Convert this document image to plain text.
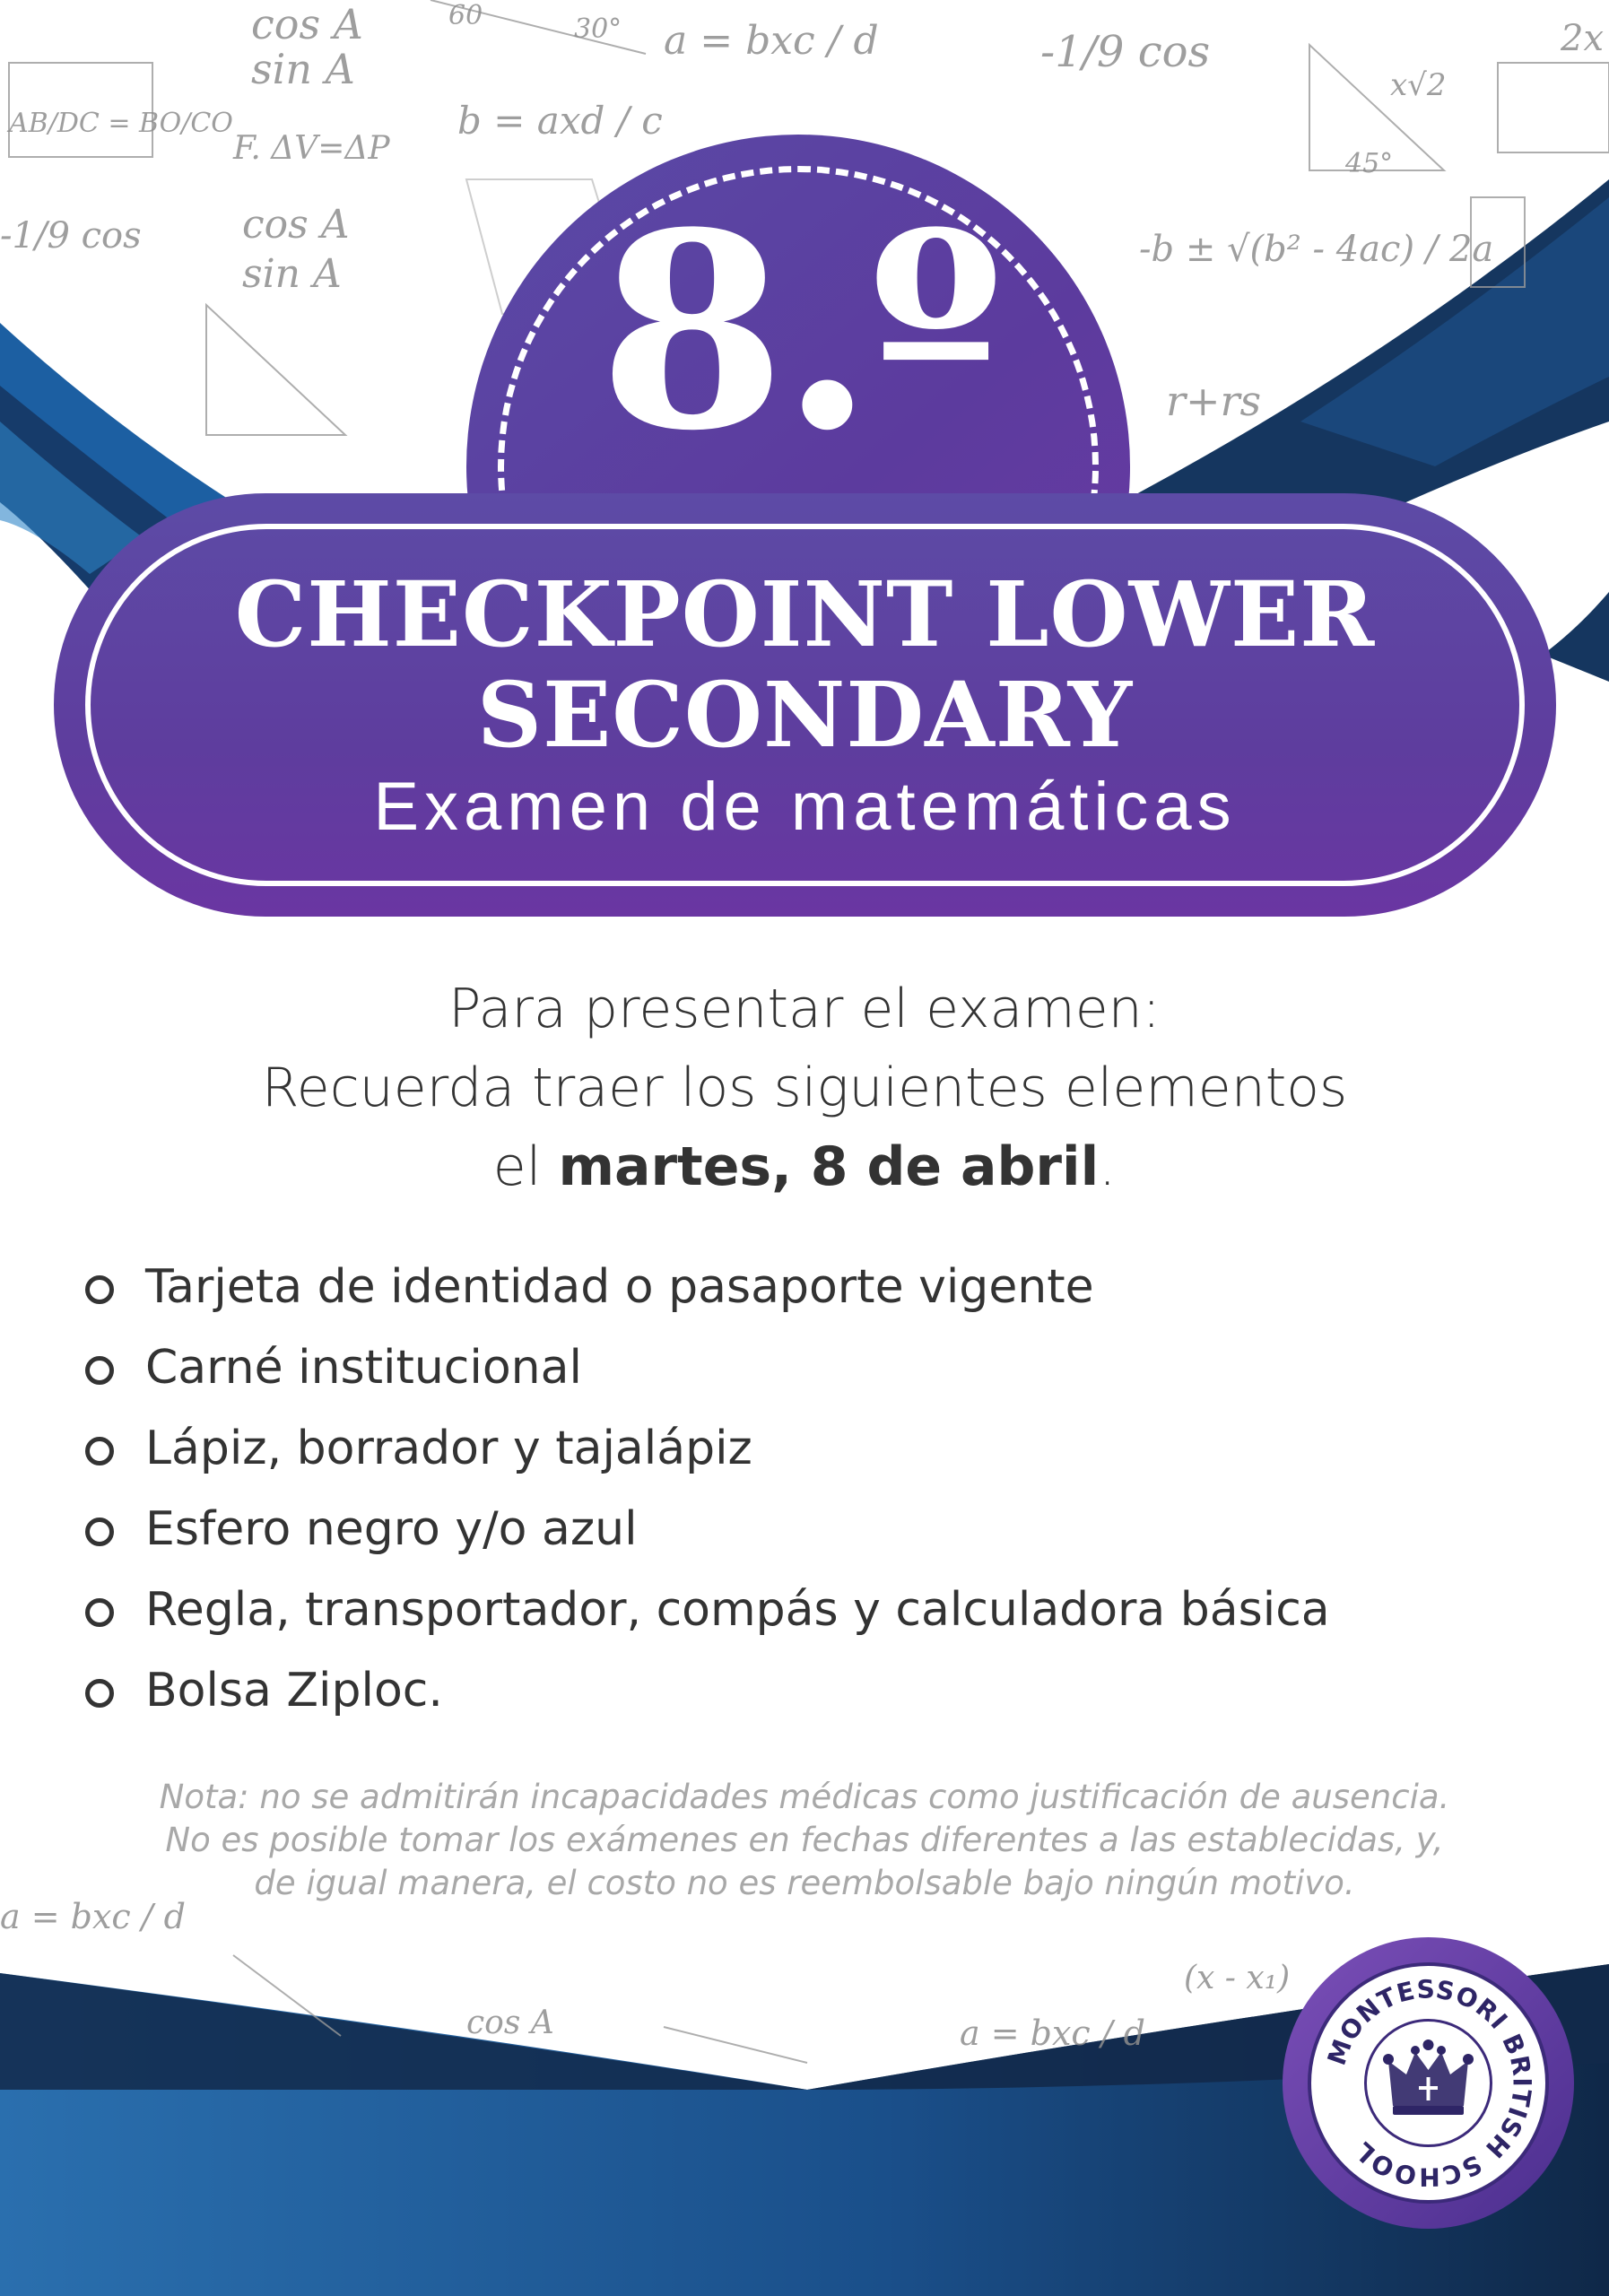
cos A
sin A
a = bxc / d
b = axd / c
-1/9 cos
F. ΔV=ΔP
AB/DC = BO/CO
45°
x√2
30°
60
-b ± √(b² - 4ac) / 2a
r+rs
2x
(x - x₁)
cos A
sin A
-1/9 cos
cos A	a = bxc / d
a = bxc / d
8.º
CHECKPOINT LOWER
SECONDARY
Examen de matemáticas
Para presentar el examen:
Recuerda traer los siguientes elementos
el martes, 8 de abril.
Tarjeta de identidad o pasaporte vigente
Carné institucional
Lápiz, borrador y tajalápiz
Esfero negro y/o azul
Regla, transportador, compás y calculadora básica
Bolsa Ziploc.
Nota: no se admitirán incapacidades médicas como justificación de ausencia.
No es posible tomar los exámenes en fechas diferentes a las establecidas, y,
de igual manera, el costo no es reembolsable bajo ningún motivo.
MONTESSORI BRITISH SCHOOL
